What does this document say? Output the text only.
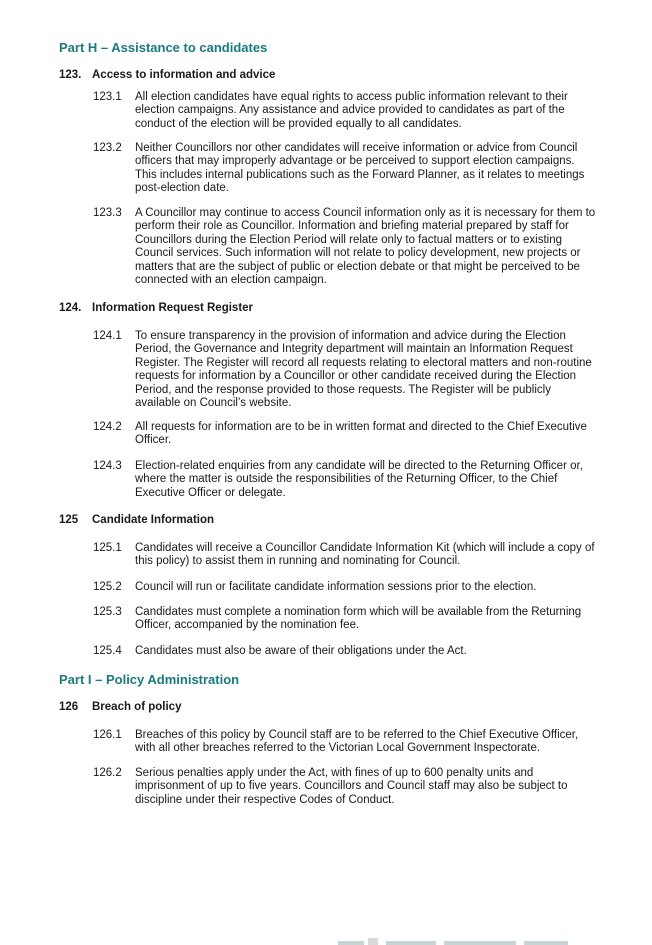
Part H – Assistance to candidates
123. Access to information and advice
123.1 All election candidates have equal rights to access public information relevant to their election campaigns. Any assistance and advice provided to candidates as part of the conduct of the election will be provided equally to all candidates.

123.2 Neither Councillors nor other candidates will receive information or advice from Council officers that may improperly advantage or be perceived to support election campaigns. This includes internal publications such as the Forward Planner, as it relates to meetings post-election date.

123.3 A Councillor may continue to access Council information only as it is necessary for them to perform their role as Councillor. Information and briefing material prepared by staff for Councillors during the Election Period will relate only to factual matters or to existing Council services. Such information will not relate to policy development, new projects or matters that are the subject of public or election debate or that might be perceived to be connected with an election campaign.

124. Information Request Register
124.1 To ensure transparency in the provision of information and advice during the Election Period, the Governance and Integrity department will maintain an Information Request Register. The Register will record all requests relating to electoral matters and non-routine requests for information by a Councillor or other candidate received during the Election Period, and the response provided to those requests. The Register will be publicly available on Council’s website.

124.2 All requests for information are to be in written format and directed to the Chief Executive Officer.

124.3 Election-related enquiries from any candidate will be directed to the Returning Officer or, where the matter is outside the responsibilities of the Returning Officer, to the Chief Executive Officer or delegate.

125 Candidate Information
125.1 Candidates will receive a Councillor Candidate Information Kit (which will include a copy of this policy) to assist them in running and nominating for Council.

125.2 Council will run or facilitate candidate information sessions prior to the election.

125.3 Candidates must complete a nomination form which will be available from the Returning Officer, accompanied by the nomination fee.

125.4 Candidates must also be aware of their obligations under the Act.

Part I – Policy Administration
126 Breach of policy
126.1 Breaches of this policy by Council staff are to be referred to the Chief Executive Officer, with all other breaches referred to the Victorian Local Government Inspectorate.

126.2 Serious penalties apply under the Act, with fines of up to 600 penalty units and imprisonment of up to five years. Councillors and Council staff may also be subject to discipline under their respective Codes of Conduct.
